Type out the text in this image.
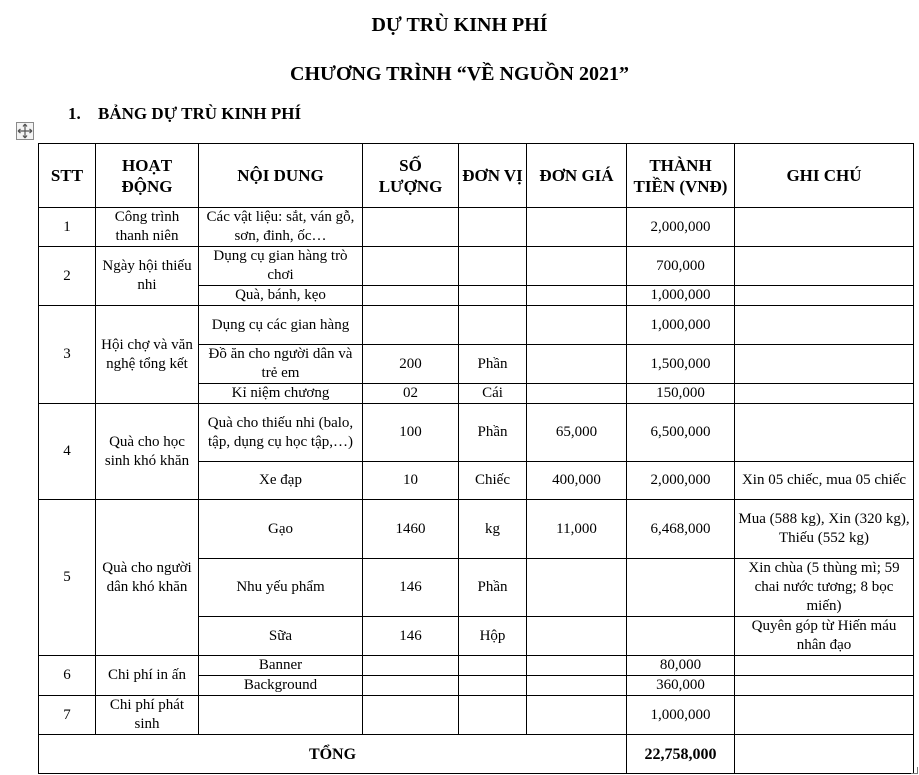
DỰ TRÙ KINH PHÍ
CHƯƠNG TRÌNH “VỀ NGUỒN 2021”
1. BẢNG DỰ TRÙ KINH PHÍ
STT	HOẠT ĐỘNG	NỘI DUNG	SỐ LƯỢNG	ĐƠN VỊ	ĐƠN GIÁ	THÀNH TIỀN (VNĐ)	GHI CHÚ
1	Công trình thanh niên	Các vật liệu: sắt, ván gỗ, sơn, đinh, ốc…				2,000,000	
2	Ngày hội thiếu nhi	Dụng cụ gian hàng trò chơi				700,000	
		Quà, bánh, kẹo				1,000,000	
3	Hội chợ và văn nghệ tổng kết	Dụng cụ các gian hàng				1,000,000	
		Đồ ăn cho người dân và trẻ em	200	Phần		1,500,000	
		Kỉ niệm chương	02	Cái		150,000	
4	Quà cho học sinh khó khăn	Quà cho thiếu nhi (balo, tập, dụng cụ học tập,…)	100	Phần	65,000	6,500,000	
		Xe đạp	10	Chiếc	400,000	2,000,000	Xin 05 chiếc, mua 05 chiếc
5	Quà cho người dân khó khăn	Gạo	1460	kg	11,000	6,468,000	Mua (588 kg), Xin (320 kg), Thiếu (552 kg)
		Nhu yếu phẩm	146	Phần			Xin chùa (5 thùng mì; 59 chai nước tương; 8 bọc miến)
		Sữa	146	Hộp			Quyên góp từ Hiến máu nhân đạo
6	Chi phí in ấn	Banner				80,000	
		Background				360,000	
7	Chi phí phát sinh					1,000,000	
TỔNG						22,758,000	
